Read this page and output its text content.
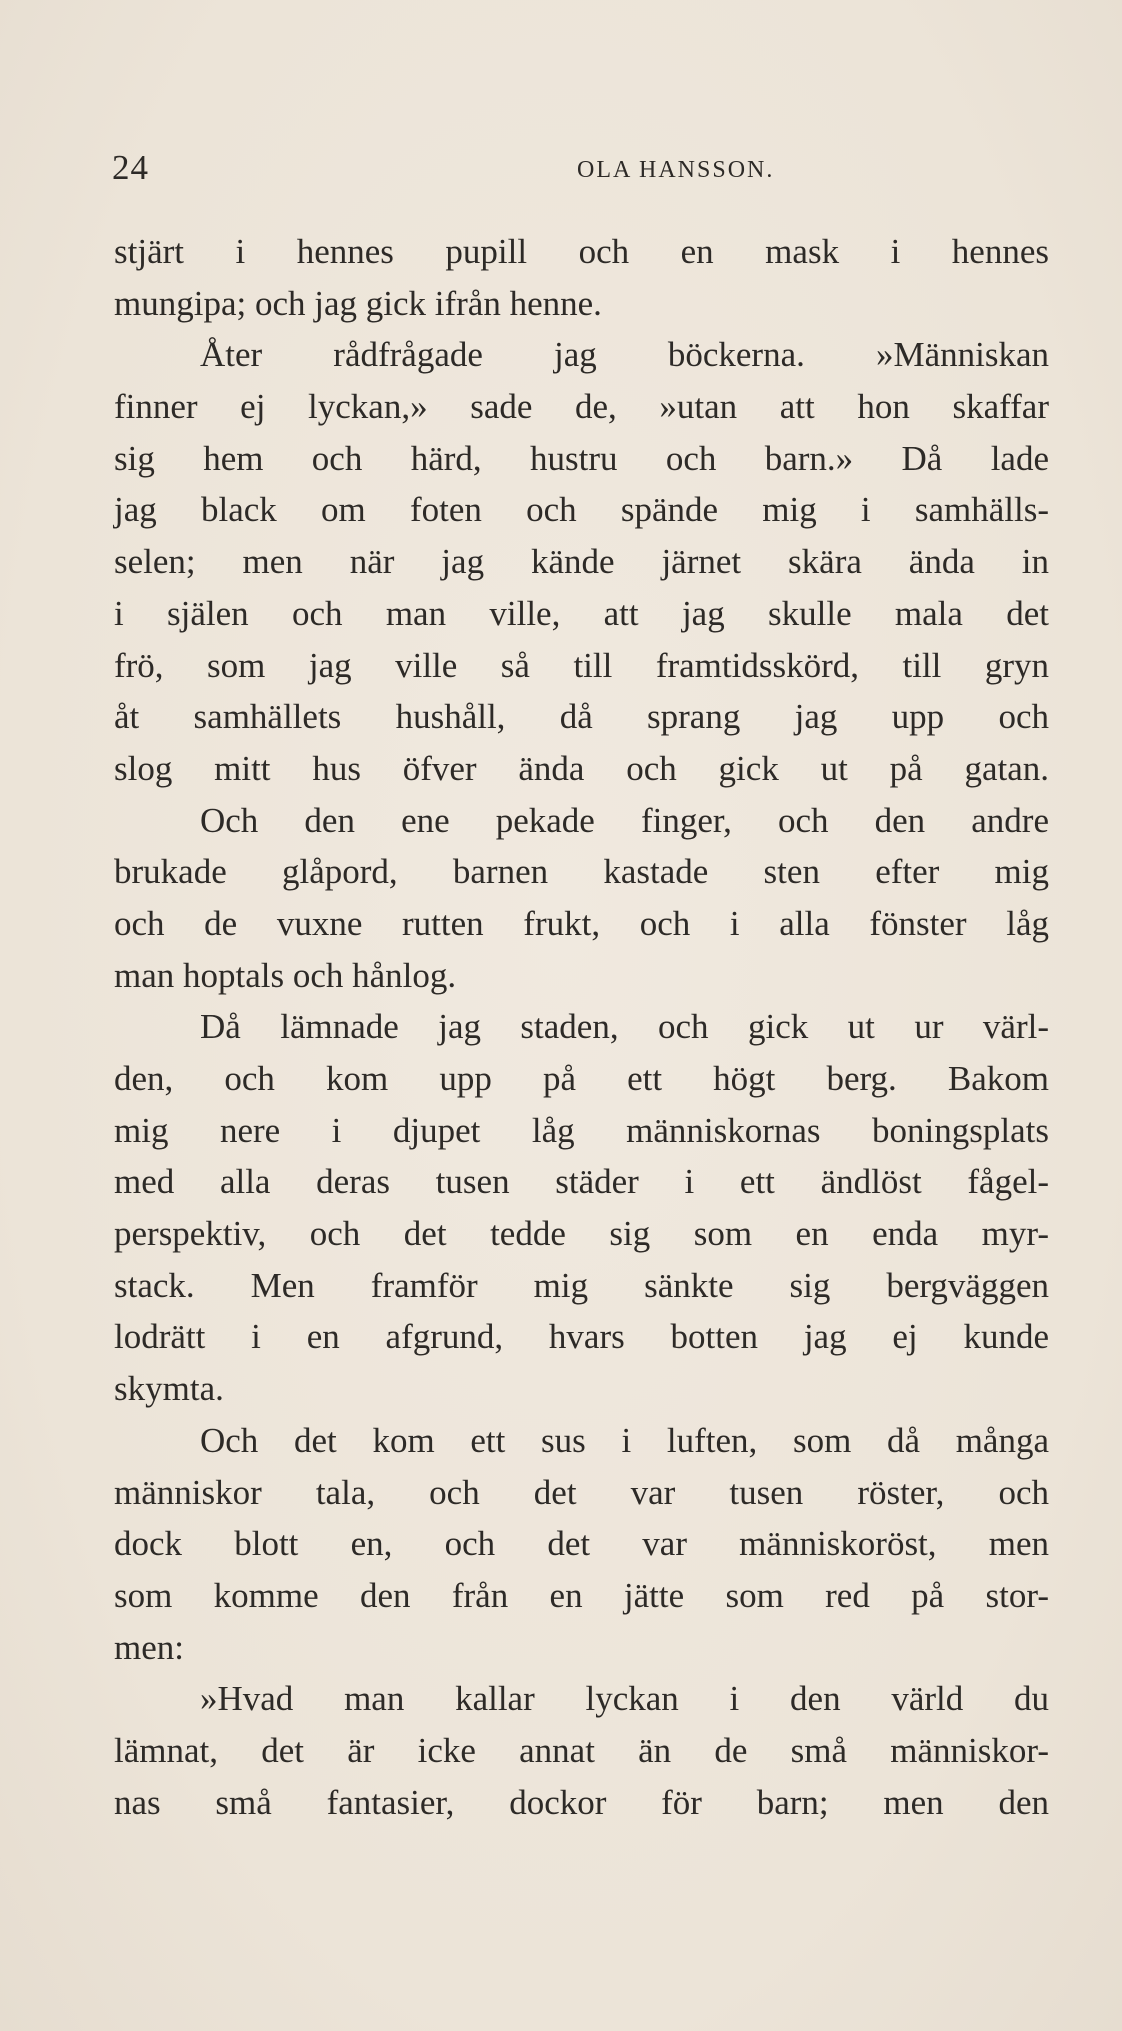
24	OLA HANSSON.
stjärt i hennes pupill och en mask i hennes
mungipa; och jag gick ifrån henne.
Åter rådfrågade jag böckerna. »Människan
finner ej lyckan,» sade de, »utan att hon skaffar
sig hem och härd, hustru och barn.» Då lade
jag black om foten och spände mig i samhälls-
selen; men när jag kände järnet skära ända in
i själen och man ville, att jag skulle mala det
frö, som jag ville så till framtidsskörd, till gryn
åt samhällets hushåll, då sprang jag upp och
slog mitt hus öfver ända och gick ut på gatan.
Och den ene pekade finger, och den andre
brukade glåpord, barnen kastade sten efter mig
och de vuxne rutten frukt, och i alla fönster låg
man hoptals och hånlog.
Då lämnade jag staden, och gick ut ur värl-
den, och kom upp på ett högt berg. Bakom
mig nere i djupet låg människornas boningsplats
med alla deras tusen städer i ett ändlöst fågel-
perspektiv, och det tedde sig som en enda myr-
stack. Men framför mig sänkte sig bergväggen
lodrätt i en afgrund, hvars botten jag ej kunde
skymta.
Och det kom ett sus i luften, som då många
människor tala, och det var tusen röster, och
dock blott en, och det var människoröst, men
som komme den från en jätte som red på stor-
men:
»Hvad man kallar lyckan i den värld du
lämnat, det är icke annat än de små människor-
nas små fantasier, dockor för barn; men den
